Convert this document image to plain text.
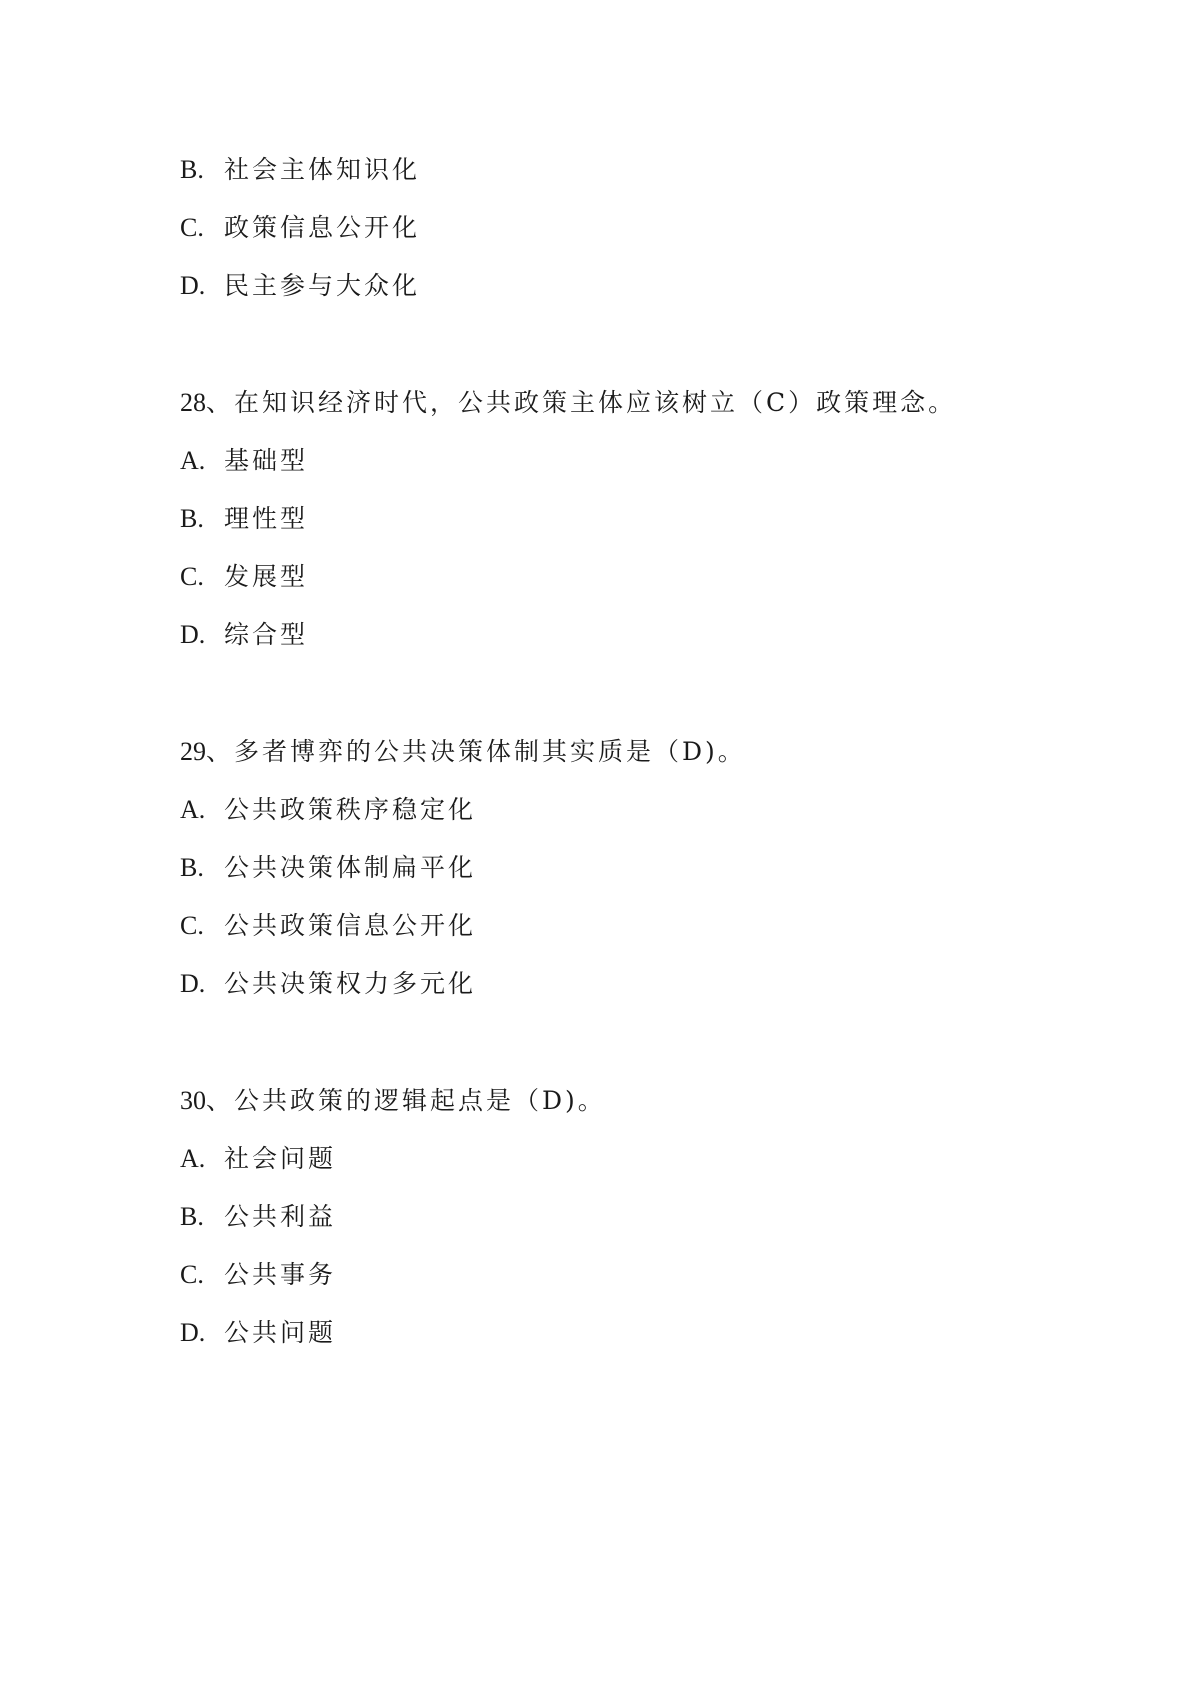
B. 社会主体知识化
C. 政策信息公开化
D. 民主参与大众化
28、在知识经济时代，公共政策主体应该树立（C）政策理念。
A. 基础型
B. 理性型
C. 发展型
D. 综合型
29、多者博弈的公共决策体制其实质是（D)。
A. 公共政策秩序稳定化
B. 公共决策体制扁平化
C. 公共政策信息公开化
D. 公共决策权力多元化
30、公共政策的逻辑起点是（D)。
A. 社会问题
B. 公共利益
C. 公共事务
D. 公共问题
